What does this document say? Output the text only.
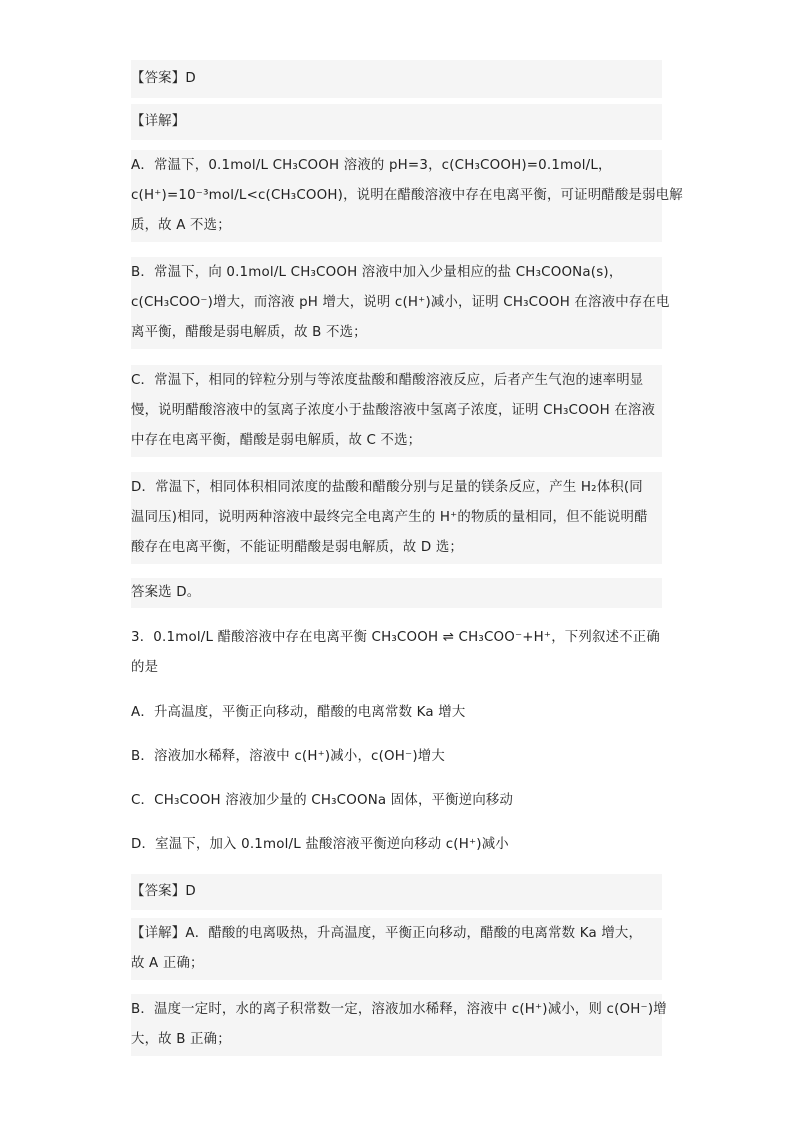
【答案】D
【详解】
A．常温下，0.1mol/L CH₃COOH 溶液的 pH=3，c(CH₃COOH)=0.1mol/L，
c(H⁺)=10⁻³mol/L<c(CH₃COOH)，说明在醋酸溶液中存在电离平衡，可证明醋酸是弱电解
质，故 A 不选；
B．常温下，向 0.1mol/L CH₃COOH 溶液中加入少量相应的盐 CH₃COONa(s)，
c(CH₃COO⁻)增大，而溶液 pH 增大，说明 c(H⁺)减小，证明 CH₃COOH 在溶液中存在电
离平衡，醋酸是弱电解质，故 B 不选；
C．常温下，相同的锌粒分别与等浓度盐酸和醋酸溶液反应，后者产生气泡的速率明显
慢，说明醋酸溶液中的氢离子浓度小于盐酸溶液中氢离子浓度，证明 CH₃COOH 在溶液
中存在电离平衡，醋酸是弱电解质，故 C 不选；
D．常温下，相同体积相同浓度的盐酸和醋酸分别与足量的镁条反应，产生 H₂体积(同
温同压)相同，说明两种溶液中最终完全电离产生的 H⁺的物质的量相同，但不能说明醋
酸存在电离平衡，不能证明醋酸是弱电解质，故 D 选；
答案选 D。
3．0.1mol/L 醋酸溶液中存在电离平衡 CH₃COOH ⇌ CH₃COO⁻+H⁺，下列叙述不正确
的是
A．升高温度，平衡正向移动，醋酸的电离常数 Ka 增大
B．溶液加水稀释，溶液中 c(H⁺)减小，c(OH⁻)增大
C．CH₃COOH 溶液加少量的 CH₃COONa 固体，平衡逆向移动
D．室温下，加入 0.1mol/L 盐酸溶液平衡逆向移动 c(H⁺)减小
【答案】D
【详解】A．醋酸的电离吸热，升高温度，平衡正向移动，醋酸的电离常数 Ka 增大，
故 A 正确；
B．温度一定时，水的离子积常数一定，溶液加水稀释，溶液中 c(H⁺)减小，则 c(OH⁻)增
大，故 B 正确；
